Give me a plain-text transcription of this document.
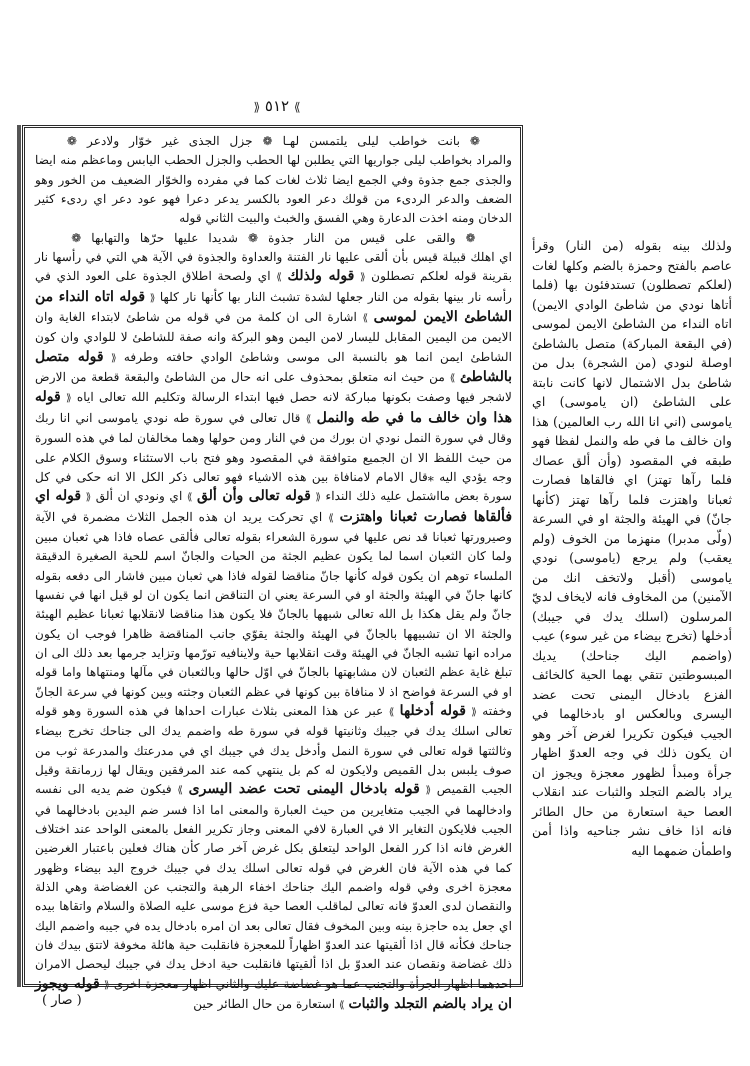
⟫ ٥١٢ ⟪

❁ بانت خواطب ليلى يلتمسن لهـا ❁ جزل الجذى غير خوّار ولادعر ❁

والمراد بخواطب ليلى جواريها التي يطلبن لها الحطب والجزل الحطب اليابس وماعظم منه ايضا والجذى جمع جذوة وفي الجمع ايضا ثلاث لغات كما في مفرده والخوّار الضعيف من الخور وهو الضعف والدعر الردىء من قولك دعر العود بالكسر يدعر دعرا فهو عود دعر اي ردىء كثير الدخان ومنه اخذت الدعارة وهي الفسق والخبث والبيت الثاني قوله

❁ والقى على قيس من النار جذوة ❁ شديدا عليها حرّها والتهابها ❁

اي اهلك قبيلة قيس بأن ألقى عليها نار الفتنة والعداوة والجذوة في الآية هي التي في رأسها نار بقرينة قوله لعلكم تصطلون ⟪ قوله ولذلك ⟫ اي ولصحة اطلاق الجذوة على العود الذي في رأسه نار بينها بقوله من النار جعلها لشدة تشبث النار بها كأنها نار كلها ⟪ قوله اتاه النداء من الشاطئ الايمن لموسى ⟫ اشارة الى ان كلمة من في قوله من شاطئ لابتداء الغاية وان الايمن من اليمين المقابل لليسار لامن اليمن وهو البركة وانه صفة للشاطئ لا للوادي وان كون الشاطئ ايمن انما هو بالنسبة الى موسى وشاطئ الوادي حافته وطرفه ⟪ قوله متصل بالشاطئ ⟫ من حيث انه متعلق بمحذوف على انه حال من الشاطئ والبقعة قطعة من الارض لاشجر فيها وصفت بكونها مباركة لانه حصل فيها ابتداء الرسالة وتكليم الله تعالى اياه ⟪ قوله هذا وان خالف ما في طه والنمل ⟫ قال تعالى في سورة طه نودي ياموسى اني انا ربك وقال في سورة النمل نودي ان بورك من في النار ومن حولها وهما مخالفان لما في هذه السورة من حيث اللفظ الا ان الجميع متوافقة في المقصود وهو فتح باب الاستئناء وسوق الكلام على وجه يؤدي اليه ⁎قال الامام لامنافاة بين هذه الاشياء فهو تعالى ذكر الكل الا انه حكى في كل سورة بعض مااشتمل عليه ذلك النداء ⟪ قوله تعالى وأن ألق ⟫ اي ونودي ان ألق ⟪ قوله اي فألقاها فصارت ثعبانا واهتزت ⟫ اي تحركت يريد ان هذه الجمل الثلاث مضمرة في الآية وصيرورتها ثعبانا قد نص عليها في سورة الشعراء بقوله تعالى فألقى عصاه فاذا هي ثعبان مبين ولما كان الثعبان اسما لما يكون عظيم الجثة من الحيات والجانّ اسم للحية الصغيرة الدقيقة الملساء توهم ان يكون قوله كأنها جانّ مناقضا لقوله فاذا هي ثعبان مبين فاشار الى دفعه بقوله كانها جانّ في الهيئة والجثة او في السرعة يعني ان التناقض انما يكون ان لو قيل انها في نفسها جانّ ولم يقل هكذا بل الله تعالى شبهها بالجانّ فلا يكون هذا مناقضا لانقلابها ثعبانا عظيم الهيئة والجثة الا ان تشبيهها بالجانّ في الهيئة والجثة يقوّي جانب المناقضة ظاهرا فوجب ان يكون مراده انها تشبه الجانّ في الهيئة وقت انقلابها حية ولاينافيه تورّمها وتزايد جرمها بعد ذلك الى ان تبلغ غاية عظم الثعبان لان مشابهتها بالجانّ في اوّل حالها وبالثعبان في مآلها ومنتهاها واما قوله او في السرعة فواضح اذ لا منافاة بين كونها في عظم الثعبان وجثته وبين كونها في سرعة الجانّ وخفته ⟪ قوله أدخلها ⟫ عبر عن هذا المعنى بثلاث عبارات احداها في هذه السورة وهو قوله تعالى اسلك يدك في جيبك وثانيتها قوله في سورة طه واضمم يدك الى جناحك تخرج بيضاء وثالثتها قوله تعالى في سورة النمل وأدخل يدك في جيبك اي في مدرعتك والمدرعة ثوب من صوف يلبس بدل القميص ولايكون له كم بل ينتهي كمه عند المرفقين ويقال لها زرمانقة وقيل الجيب القميص ⟪ قوله بادخال اليمنى تحت عضد اليسرى ⟫ فيكون ضم يديه الى نفسه وادخالهما في الجيب متغايرين من حيث العبارة والمعنى اما اذا فسر ضم اليدين بادخالهما في الجيب فلايكون التغاير الا في العبارة لافي المعنى وجاز تكرير الفعل بالمعنى الواحد عند اختلاف الغرض فانه اذا كرر الفعل الواحد ليتعلق بكل غرض آخر صار كأن هناك فعلين باعتبار الغرضين كما في هذه الآية فان الغرض في قوله تعالى اسلك يدك في جيبك خروج اليد بيضاء وظهور معجزة اخرى وفي قوله واضمم اليك جناحك اخفاء الرهبة والتجنب عن الغضاضة وهي الذلة والنقصان لدى العدوّ فانه تعالى لماقلب العصا حية فزع موسى عليه الصلاة والسلام واتقاها بيده اي جعل يده حاجزة بينه وبين المخوف فقال تعالى بعد ان امره بادخال يده في جيبه واضمم اليك جناحك فكأنه قال اذا ألقيتها عند العدوّ اظهاراً للمعجزة فانقلبت حية هائلة مخوفة لاتتق بيدك فان ذلك غضاضة ونقصان عند العدوّ بل اذا ألقيتها فانقلبت حية ادخل يدك في جيبك ليحصل الامران احدهما اظهار الجرأة والتجنب عما هو غضاضة عليك والثاني اظهار معجزة اخرى ⟪ قوله ويجوز ان يراد بالضم التجلد والثبات ⟫ استعارة من حال الطائر حين

ولذلك بينه بقوله (من النار) وقرأ عاصم بالفتح وحمزة بالضم وكلها لغات (لعلكم تصطلون) تستدفئون بها (فلما أتاها نودي من شاطئ الوادي الايمن) اتاه النداء من الشاطئ الايمن لموسى (في البقعة المباركة) متصل بالشاطئ اوصلة لنودي (من الشجرة) بدل من شاطئ بدل الاشتمال لانها كانت نابتة على الشاطئ (ان ياموسى) اي ياموسى (اني انا الله رب العالمين) هذا وان خالف ما في طه والنمل لفظا فهو طبقه في المقصود (وأن ألق عصاك فلما رآها تهتز) اي فالقاها فصارت ثعبانا واهتزت فلما رآها تهتز (كأنها جانّ) في الهيئة والجثة او في السرعة (ولّى مدبرا) منهزما من الخوف (ولم يعقب) ولم يرجع (ياموسى) نودي ياموسى (أقبل ولاتخف انك من الآمنين) من المخاوف فانه لايخاف لديّ المرسلون (اسلك يدك في جيبك) أدخلها (تخرج بيضاء من غير سوء) عيب (واضمم اليك جناحك) يديك المبسوطتين تتقي بهما الحية كالخائف الفزع بادخال اليمنى تحت عضد اليسرى وبالعكس او بادخالهما في الجيب فيكون تكريرا لغرض آخر وهو ان يكون ذلك في وجه العدوّ اظهار جرأة ومبدأ لظهور معجزة ويجوز ان يراد بالضم التجلد والثبات عند انقلاب العصا حية استعارة من حال الطائر فانه اذا خاف نشر جناحيه واذا أمن واطمأن ضمهما اليه
( صار )
